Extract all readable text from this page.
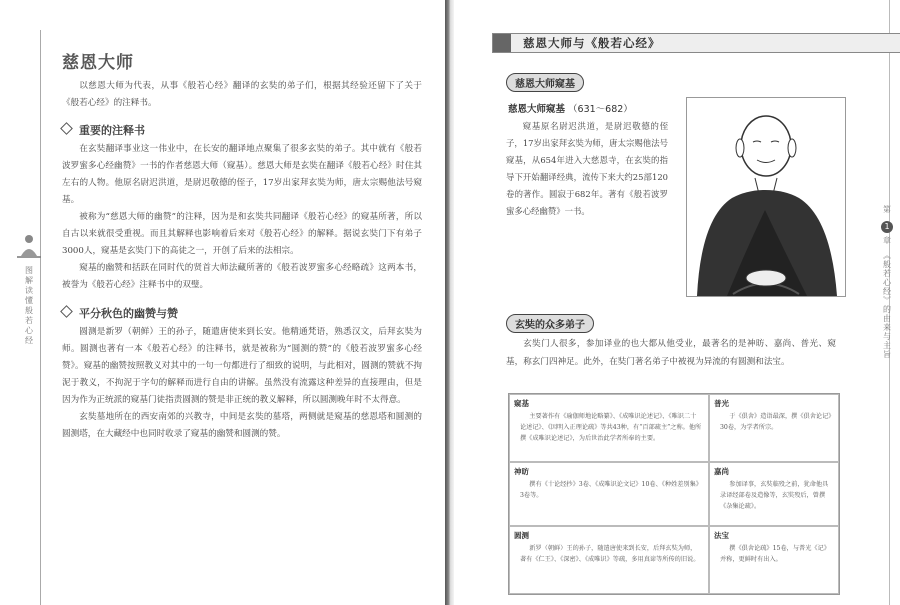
图解读懂般若心经
慈恩大师

以慈恩大师为代表，从事《般若心经》翻译的玄奘的弟子们，根据其经验还留下了关于《般若心经》的注释书。

重要的注释书

在玄奘翻译事业这一伟业中，在长安的翻译地点聚集了很多玄奘的弟子。其中就有《般若波罗蜜多心经幽赞》一书的作者慈恩大师（窥基）。慈恩大师是玄奘在翻译《般若心经》时住其左右的人物。他原名尉迟洪道，是尉迟敬德的侄子，17岁出家拜玄奘为师，唐太宗赐他法号窥基。

被称为“慈恩大师的幽赞”的注释，因为是和玄奘共同翻译《般若心经》的窥基所著，所以自古以来就很受重视。而且其解释也影响着后来对《般若心经》的解释。据说玄奘门下有弟子3000人，窥基是玄奘门下的高徒之一，开创了后来的法相宗。

窥基的幽赞和括跃在同时代的贤首大师法藏所著的《般若波罗蜜多心经略疏》这两本书，被誉为《般若心经》注释书中的双璧。

平分秋色的幽赞与赞

圆测是新罗（朝鲜）王的孙子，随遣唐使来到长安。他精通梵语，熟悉汉文，后拜玄奘为师。圆测也著有一本《般若心经》的注释书，就是被称为“圆测的赞”的《般若波罗蜜多心经赞》。窥基的幽赞按照教义对其中的一句一句都进行了细致的说明，与此相对，圆测的赞就不拘泥于教义，不拘泥于字句的解释而进行自由的讲解。虽然没有流露这种差异的直接理由，但是因为作为正统派的窥基门徒指责圆测的赞是非正统的教义解释，所以圆测晚年时不太得意。

玄奘墓地所在的西安南郊的兴教寺，中间是玄奘的墓塔，两侧就是窥基的慈恩塔和圆测的圆测塔，在大藏经中也同时收录了窥基的幽赞和圆测的赞。

慈恩大师与《般若心经》
慈恩大师窥基
慈恩大师窥基 （631～682）

窥基原名尉迟洪道，是尉迟敬德的侄子，17岁出家拜玄奘为师，唐太宗赐他法号窥基，从654年进入大慈恩寺，在玄奘的指导下开始翻译经典，流传下来大约25部120卷的著作。圆寂于682年。著有《般若波罗蜜多心经幽赞》一书。

玄奘的众多弟子

玄奘门人很多，参加译业的也大都从他受业，最著名的是神昉、嘉尚、普光、窥基，称玄门四神足。此外，在奘门著名弟子中被视为异流的有圆测和法宝。

窥基
主要著作有《瑜伽师地论略纂》、《成唯识论述记》、《唯识二十论述记》、《因明入正理论疏》等共43种，有“百部疏主”之称。他所撰《成唯识论述记》，为后世治此学者所奉的主要。
普光
于《俱舍》造诣最深，撰《俱舍论记》30卷，为学者所宗。
神昉
撰有《十论经抄》3卷、《成唯识论文记》10卷、《种姓差别集》3卷等。
嘉尚
参加译事，玄奘临殁之前，犹命他具录译经部卷及造像等，玄奘殁后，曾撰《杂集论疏》。
圆测
新罗（朝鲜）王的孙子，随遣唐使来到长安，后拜玄奘为师，著有《仁王》、《深密》、《成唯识》等疏，多用真谛等所传的旧说。
法宝
撰《俱舍论疏》15卷，与普光《记》并称，更鲜时有出入。
第
1
章
《般若心经》的由来与主旨
